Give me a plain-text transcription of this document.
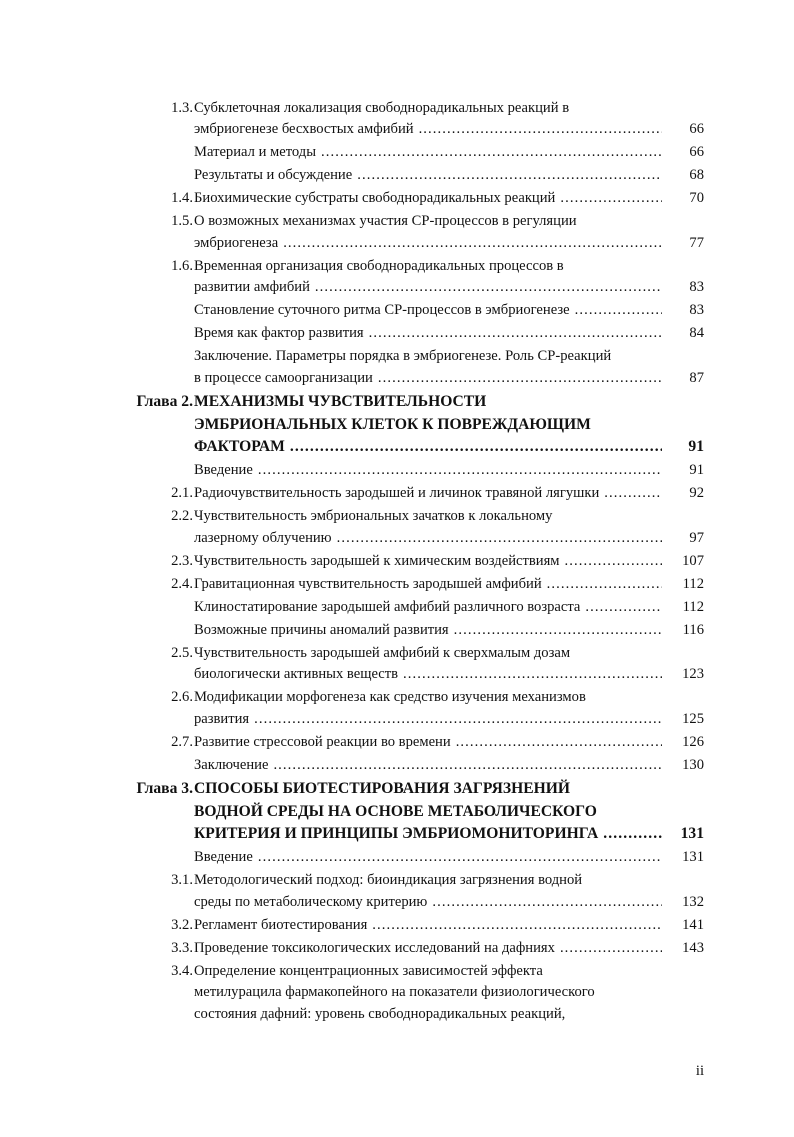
1.3. Субклеточная локализация свободнорадикальных реакций в
эмбриогенезе бесхвостых амфибий .....	66
Материал и методы .....	66
Результаты и обсуждение .....	68
1.4. Биохимические субстраты свободнорадикальных реакций .....	70
1.5. О возможных механизмах участия СР-процессов в регуляции
эмбриогенеза .....	77
1.6. Временная организация свободнорадикальных процессов в
развитии амфибий .....	83
Становление суточного ритма СР-процессов в эмбриогенезе .....	83
Время как фактор развития .....	84
Заключение. Параметры порядка в эмбриогенезе. Роль СР-реакций
в процессе самоорганизации .....	87
Глава 2. МЕХАНИЗМЫ ЧУВСТВИТЕЛЬНОСТИ
ЭМБРИОНАЛЬНЫХ КЛЕТОК К ПОВРЕЖДАЮЩИМ
ФАКТОРАМ .....	91
Введение .....	91
2.1. Радиочувствительность зародышей и личинок травяной лягушки .....	92
2.2. Чувствительность эмбриональных зачатков к локальному
лазерному облучению .....	97
2.3. Чувствительность зародышей к химическим воздействиям .....	107
2.4. Гравитационная чувствительность зародышей амфибий .....	112
Клиностатирование зародышей амфибий различного возраста .....	112
Возможные причины аномалий развития .....	116
2.5. Чувствительность зародышей амфибий к сверхмалым дозам
биологически активных веществ .....	123
2.6. Модификации морфогенеза как средство изучения механизмов
развития .....	125
2.7. Развитие стрессовой реакции во времени .....	126
Заключение .....	130
Глава 3. СПОСОБЫ БИОТЕСТИРОВАНИЯ ЗАГРЯЗНЕНИЙ
ВОДНОЙ СРЕДЫ НА ОСНОВЕ МЕТАБОЛИЧЕСКОГО
КРИТЕРИЯ И ПРИНЦИПЫ ЭМБРИОМОНИТОРИНГА .....	131
Введение .....	131
3.1. Методологический подход: биоиндикация загрязнения водной
среды по метаболическому критерию .....	132
3.2. Регламент биотестирования .....	141
3.3. Проведение токсикологических исследований на дафниях .....	143
3.4. Определение концентрационных зависимостей эффекта
метилурацила фармакопейного на показатели физиологического
состояния дафний: уровень свободнорадикальных реакций,
ii
